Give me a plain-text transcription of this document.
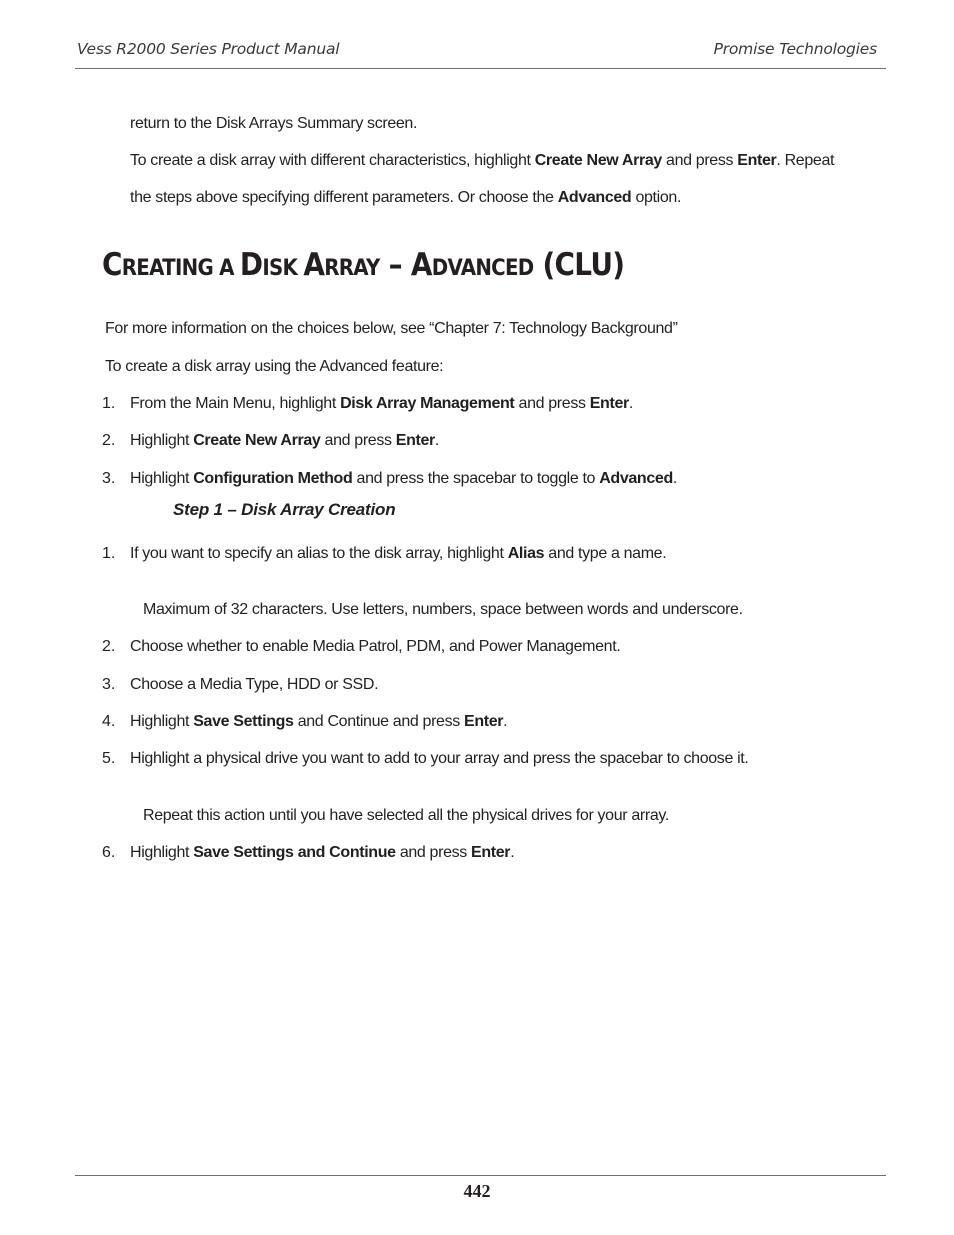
Vess R2000 Series Product Manual	Promise Technologies
return to the Disk Arrays Summary screen.
To create a disk array with different characteristics, highlight Create New Array and press Enter. Repeat
the steps above specifying different parameters. Or choose the Advanced option.
CREATING A DISK ARRAY – ADVANCED (CLU)
For more information on the choices below, see “Chapter 7: Technology Background”
To create a disk array using the Advanced feature:
1. From the Main Menu, highlight Disk Array Management and press Enter.
2. Highlight Create New Array and press Enter.
3. Highlight Configuration Method and press the spacebar to toggle to Advanced.
Step 1 – Disk Array Creation
1. If you want to specify an alias to the disk array, highlight Alias and type a name.
Maximum of 32 characters. Use letters, numbers, space between words and underscore.
2. Choose whether to enable Media Patrol, PDM, and Power Management.
3. Choose a Media Type, HDD or SSD.
4. Highlight Save Settings and Continue and press Enter.
5. Highlight a physical drive you want to add to your array and press the spacebar to choose it.
Repeat this action until you have selected all the physical drives for your array.
6. Highlight Save Settings and Continue and press Enter.
442
